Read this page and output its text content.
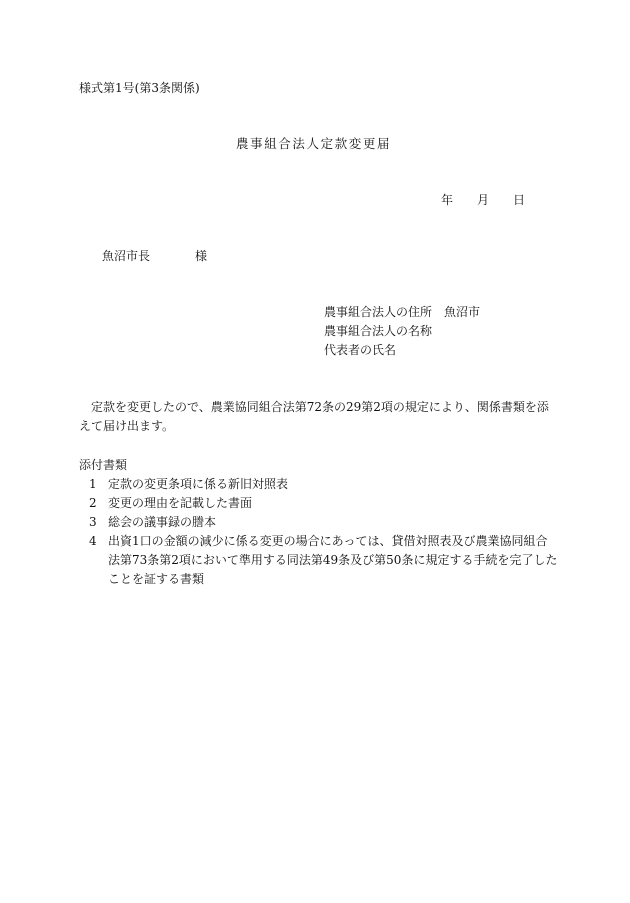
様式第1号(第3条関係)
農事組合法人定款変更届
年 月 日
魚沼市長	様
農事組合法人の住所 魚沼市
農事組合法人の名称
代表者の氏名
定款を変更したので、農業協同組合法第72条の29第2項の規定により、関係書類を添えて届け出ます。
添付書類
1 定款の変更条項に係る新旧対照表
2 変更の理由を記載した書面
3 総会の議事録の謄本
4 出資1口の金額の減少に係る変更の場合にあっては、貸借対照表及び農業協同組合法第73条第2項において準用する同法第49条及び第50条に規定する手続を完了したことを証する書類
